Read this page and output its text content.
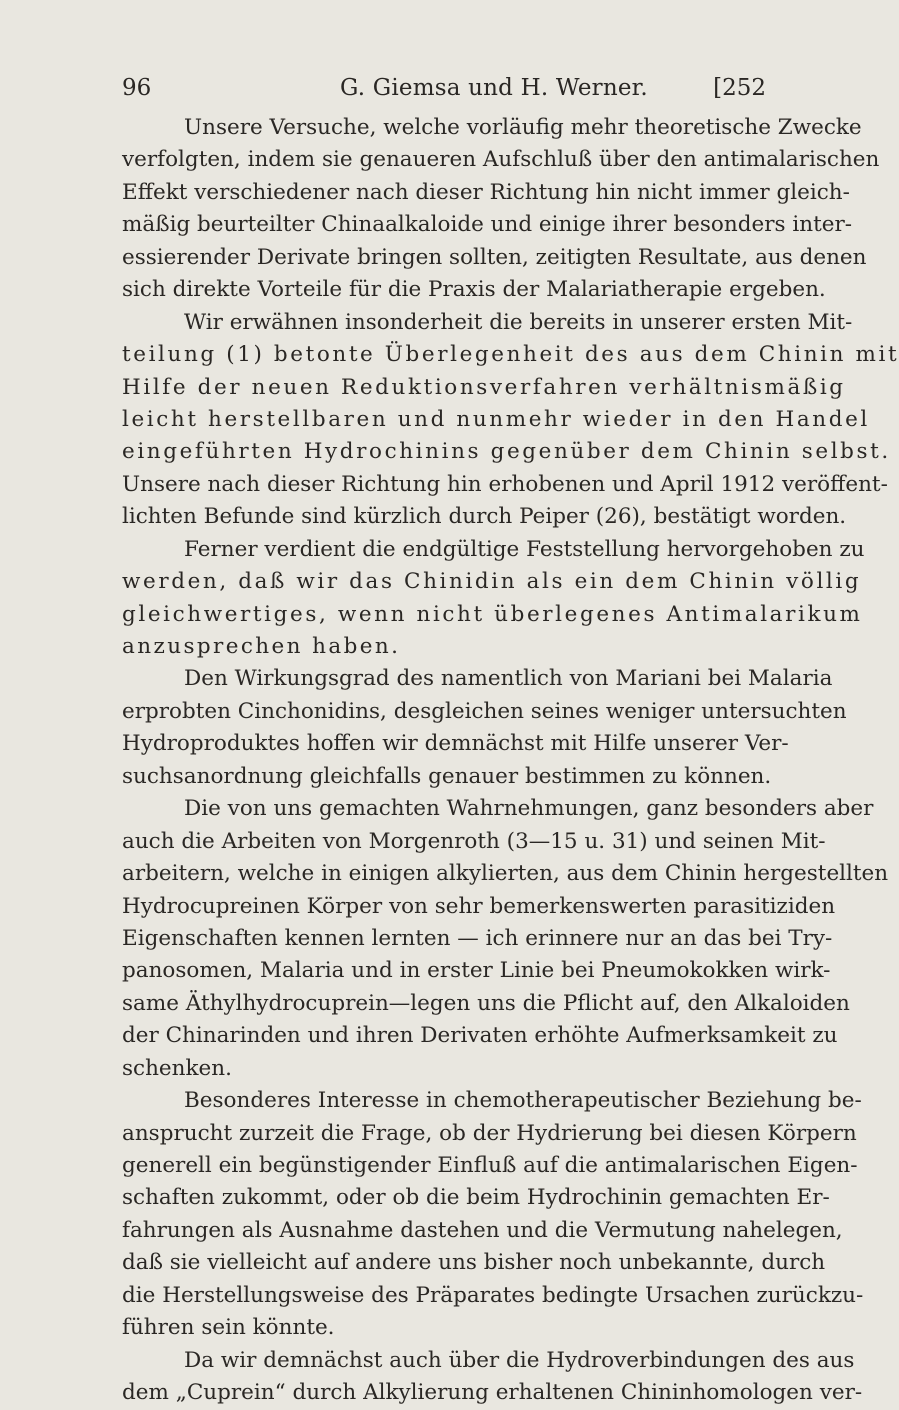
96	G. Giemsa und H. Werner.	[252
Unsere Versuche, welche vorläufig mehr theoretische Zwecke
verfolgten, indem sie genaueren Aufschluß über den antimalarischen
Effekt verschiedener nach dieser Richtung hin nicht immer gleich-
mäßig beurteilter Chinaalkaloide und einige ihrer besonders inter-
essierender Derivate bringen sollten, zeitigten Resultate, aus denen
sich direkte Vorteile für die Praxis der Malariatherapie ergeben.
Wir erwähnen insonderheit die bereits in unserer ersten Mit-
teilung (1) betonte Überlegenheit des aus dem Chinin mit
Hilfe der neuen Reduktionsverfahren verhältnismäßig
leicht herstellbaren und nunmehr wieder in den Handel
eingeführten Hydrochinins gegenüber dem Chinin selbst.
Unsere nach dieser Richtung hin erhobenen und April 1912 veröffent-
lichten Befunde sind kürzlich durch Peiper (26), bestätigt worden.
Ferner verdient die endgültige Feststellung hervorgehoben zu
werden, daß wir das Chinidin als ein dem Chinin völlig
gleichwertiges, wenn nicht überlegenes Antimalarikum
anzusprechen haben.
Den Wirkungsgrad des namentlich von Mariani bei Malaria
erprobten Cinchonidins, desgleichen seines weniger untersuchten
Hydroproduktes hoffen wir demnächst mit Hilfe unserer Ver-
suchsanordnung gleichfalls genauer bestimmen zu können.
Die von uns gemachten Wahrnehmungen, ganz besonders aber
auch die Arbeiten von Morgenroth (3—15 u. 31) und seinen Mit-
arbeitern, welche in einigen alkylierten, aus dem Chinin hergestellten
Hydrocupreinen Körper von sehr bemerkenswerten parasitiziden
Eigenschaften kennen lernten — ich erinnere nur an das bei Try-
panosomen, Malaria und in erster Linie bei Pneumokokken wirk-
same Äthylhydrocuprein—legen uns die Pflicht auf, den Alkaloiden
der Chinarinden und ihren Derivaten erhöhte Aufmerksamkeit zu
schenken.
Besonderes Interesse in chemotherapeutischer Beziehung be-
ansprucht zurzeit die Frage, ob der Hydrierung bei diesen Körpern
generell ein begünstigender Einfluß auf die antimalarischen Eigen-
schaften zukommt, oder ob die beim Hydrochinin gemachten Er-
fahrungen als Ausnahme dastehen und die Vermutung nahelegen,
daß sie vielleicht auf andere uns bisher noch unbekannte, durch
die Herstellungsweise des Präparates bedingte Ursachen zurückzu-
führen sein könnte.
Da wir demnächst auch über die Hydroverbindungen des aus
dem „Cuprein“ durch Alkylierung erhaltenen Chininhomologen ver-
